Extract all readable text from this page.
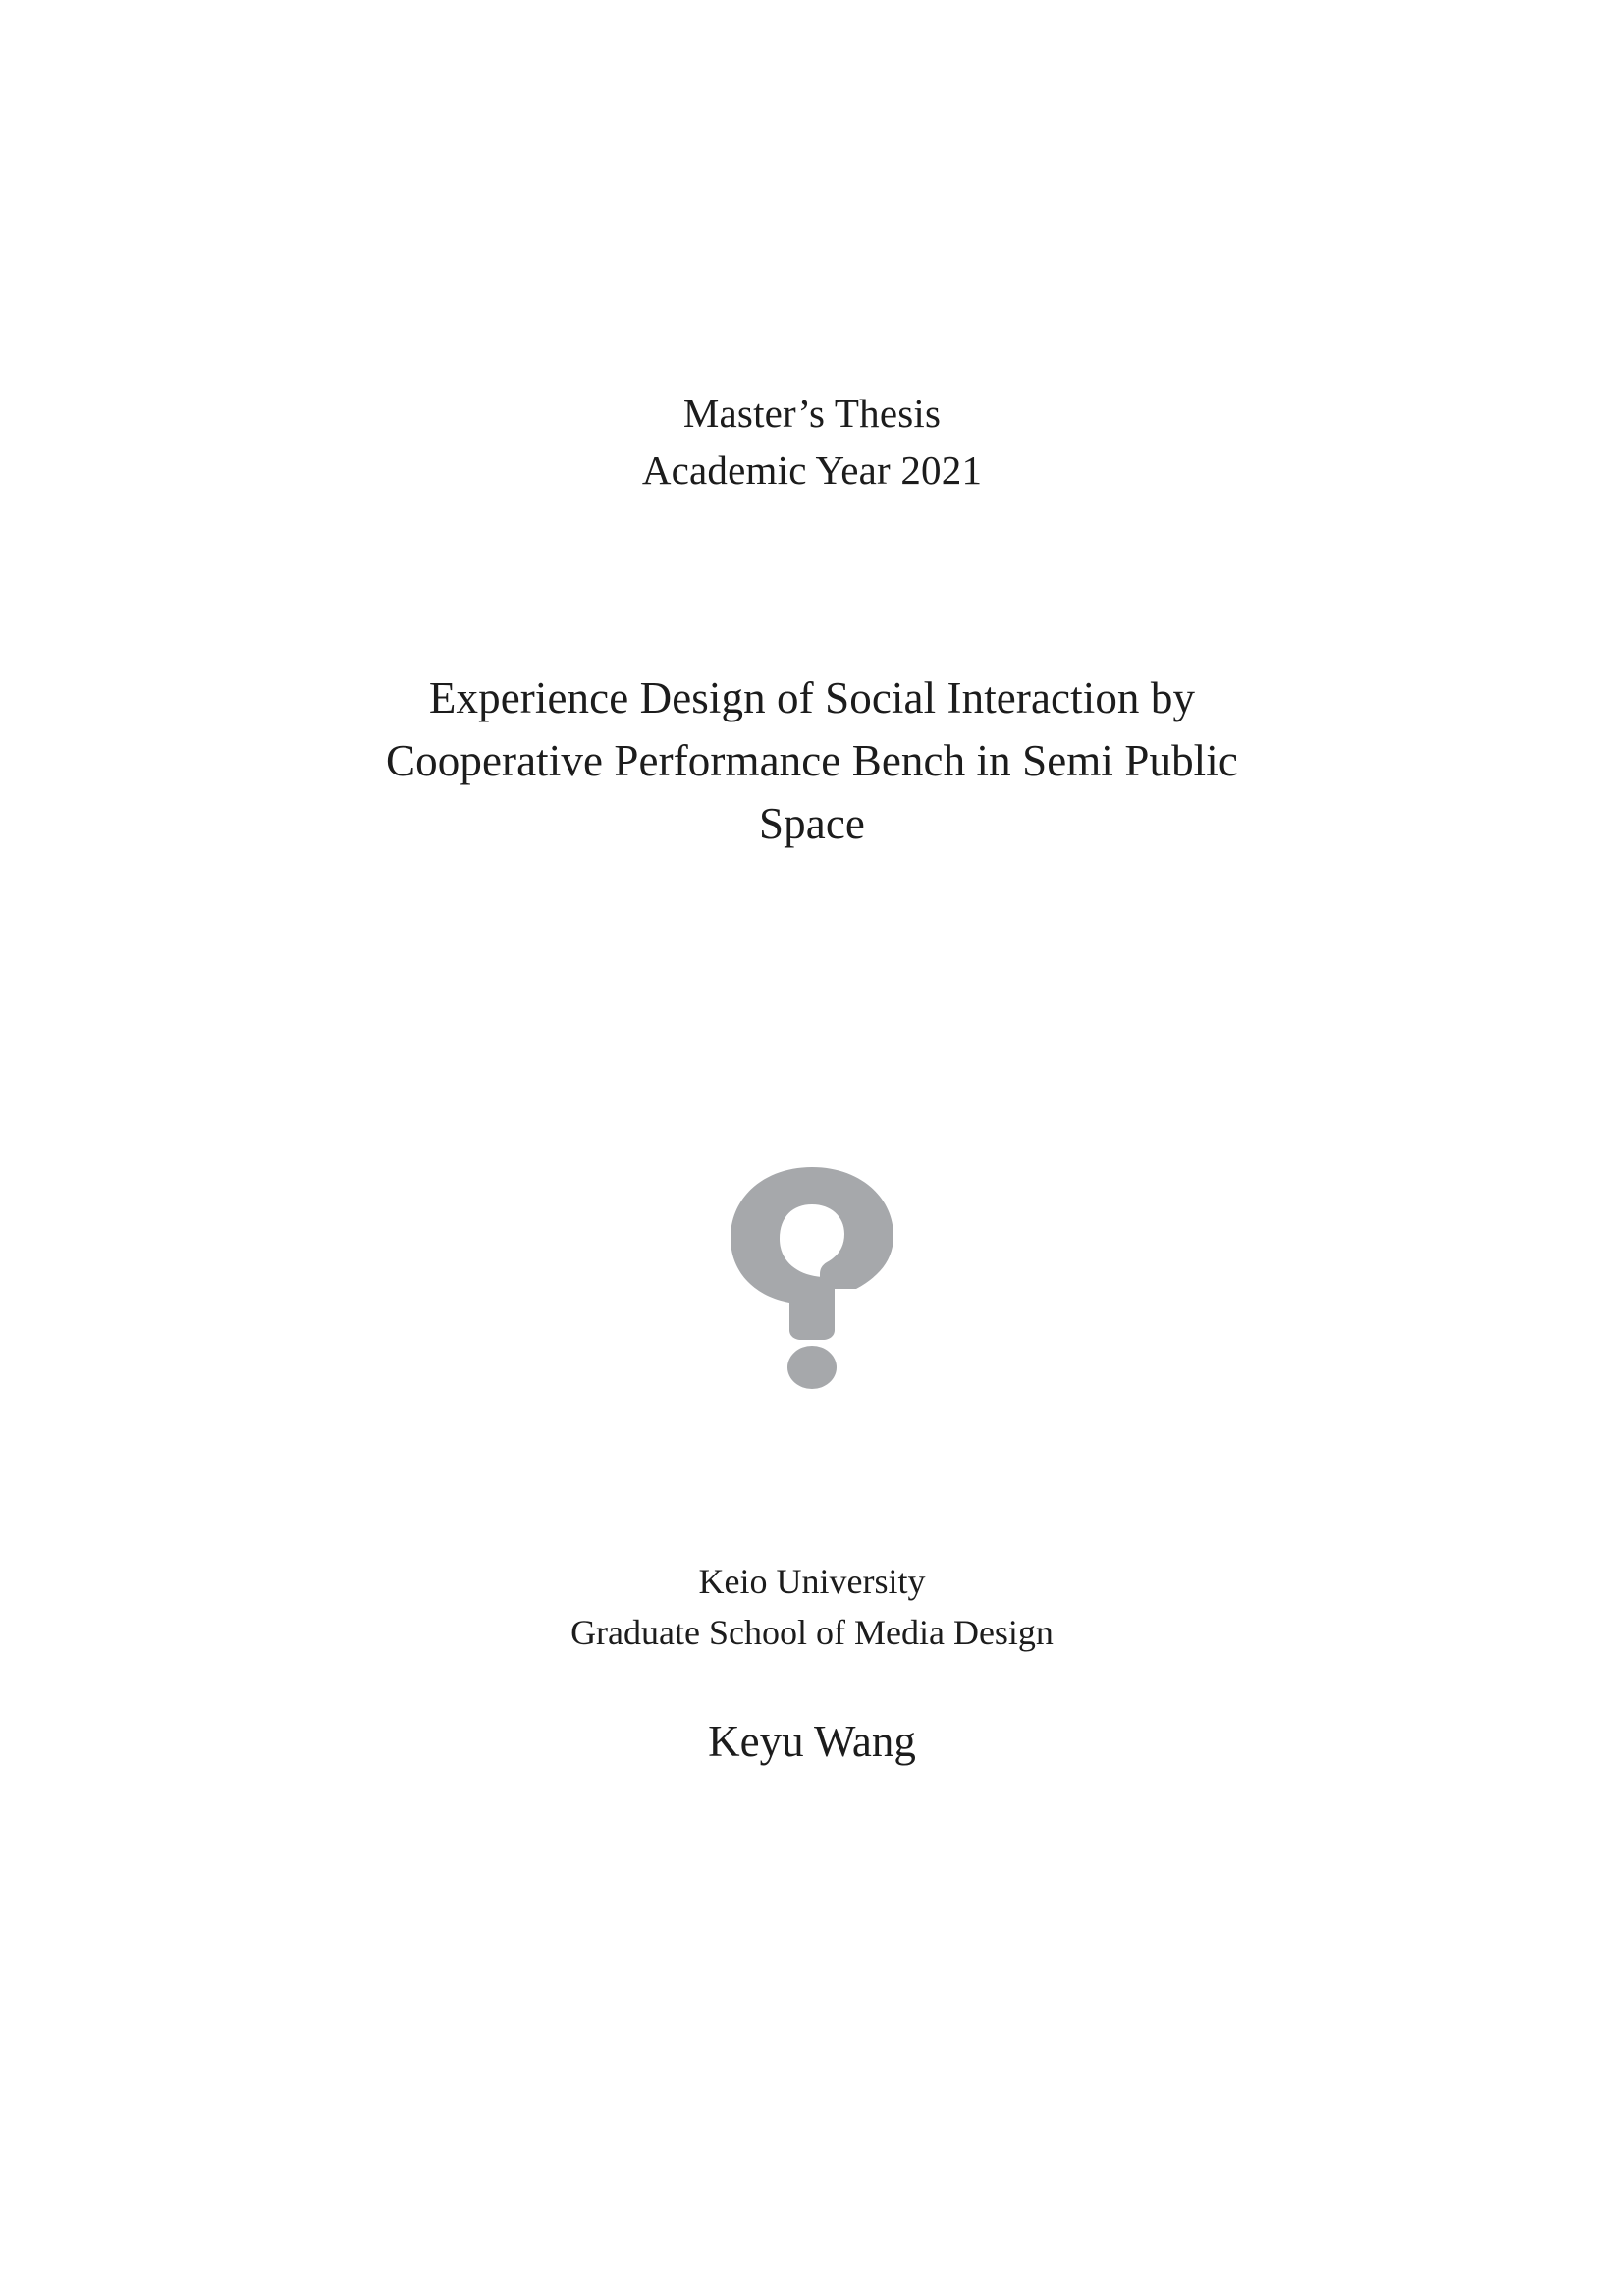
Master’s Thesis
Academic Year 2021
Experience Design of Social Interaction by
Cooperative Performance Bench in Semi Public
Space
Keio University
Graduate School of Media Design
Keyu Wang
